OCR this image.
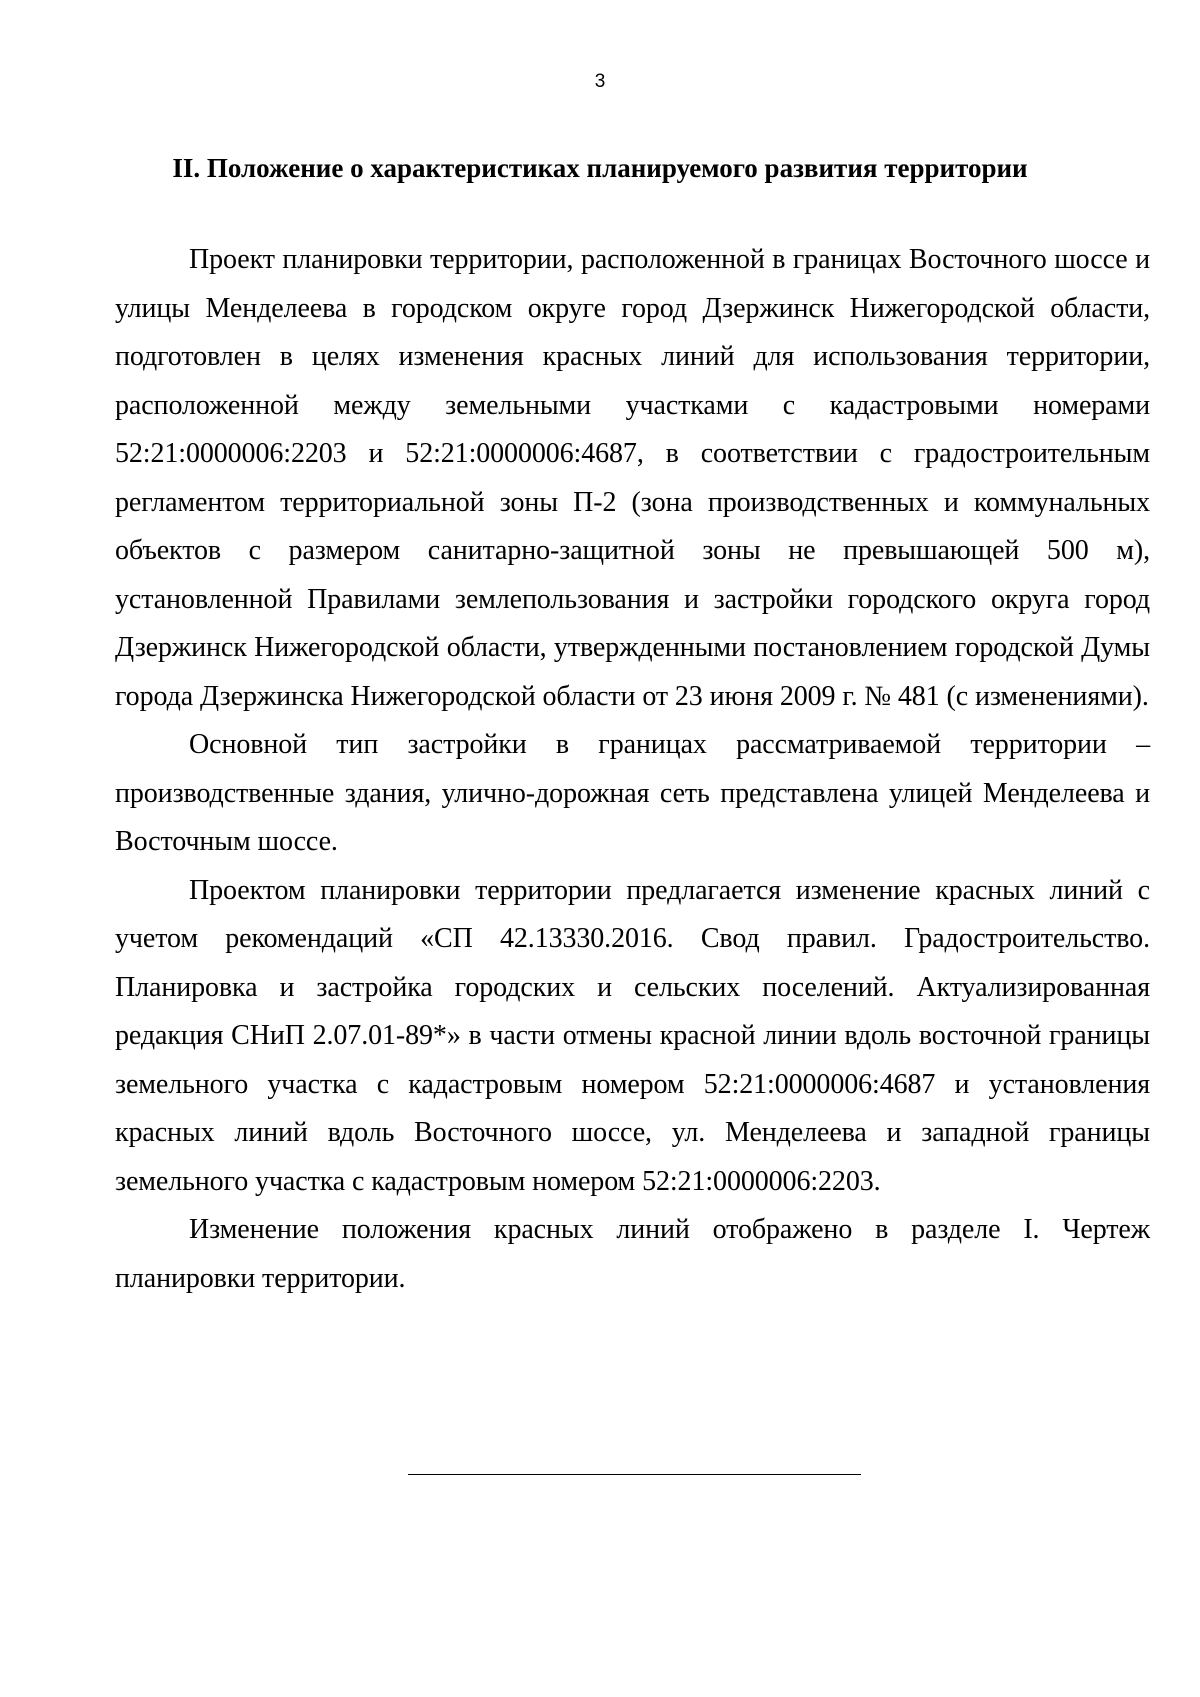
3
II. Положение о характеристиках планируемого развития территории

Проект планировки территории, расположенной в границах Восточного шоссе и улицы Менделеева в городском округе город Дзержинск Нижегородской области, подготовлен в целях изменения красных линий для использования территории, расположенной между земельными участками с кадастровыми номерами 52:21:0000006:2203 и 52:21:0000006:4687, в соответствии с градостроительным регламентом территориальной зоны П-2 (зона производственных и коммунальных объектов с размером санитарно-защитной зоны не превышающей 500 м), установленной Правилами землепользования и застройки городского округа город Дзержинск Нижегородской области, утвержденными постановлением городской Думы города Дзержинска Нижегородской области от 23 июня 2009 г. № 481 (с изменениями).

Основной тип застройки в границах рассматриваемой территории – производственные здания, улично-дорожная сеть представлена улицей Менделеева и Восточным шоссе.

Проектом планировки территории предлагается изменение красных линий с учетом рекомендаций «СП 42.13330.2016. Свод правил. Градостроительство. Планировка и застройка городских и сельских поселений. Актуализированная редакция СНиП 2.07.01-89*» в части отмены красной линии вдоль восточной границы земельного участка с кадастровым номером 52:21:0000006:4687 и установления красных линий вдоль Восточного шоссе, ул. Менделеева и западной границы земельного участка с кадастровым номером 52:21:0000006:2203.

Изменение положения красных линий отображено в разделе I. Чертеж планировки территории.
